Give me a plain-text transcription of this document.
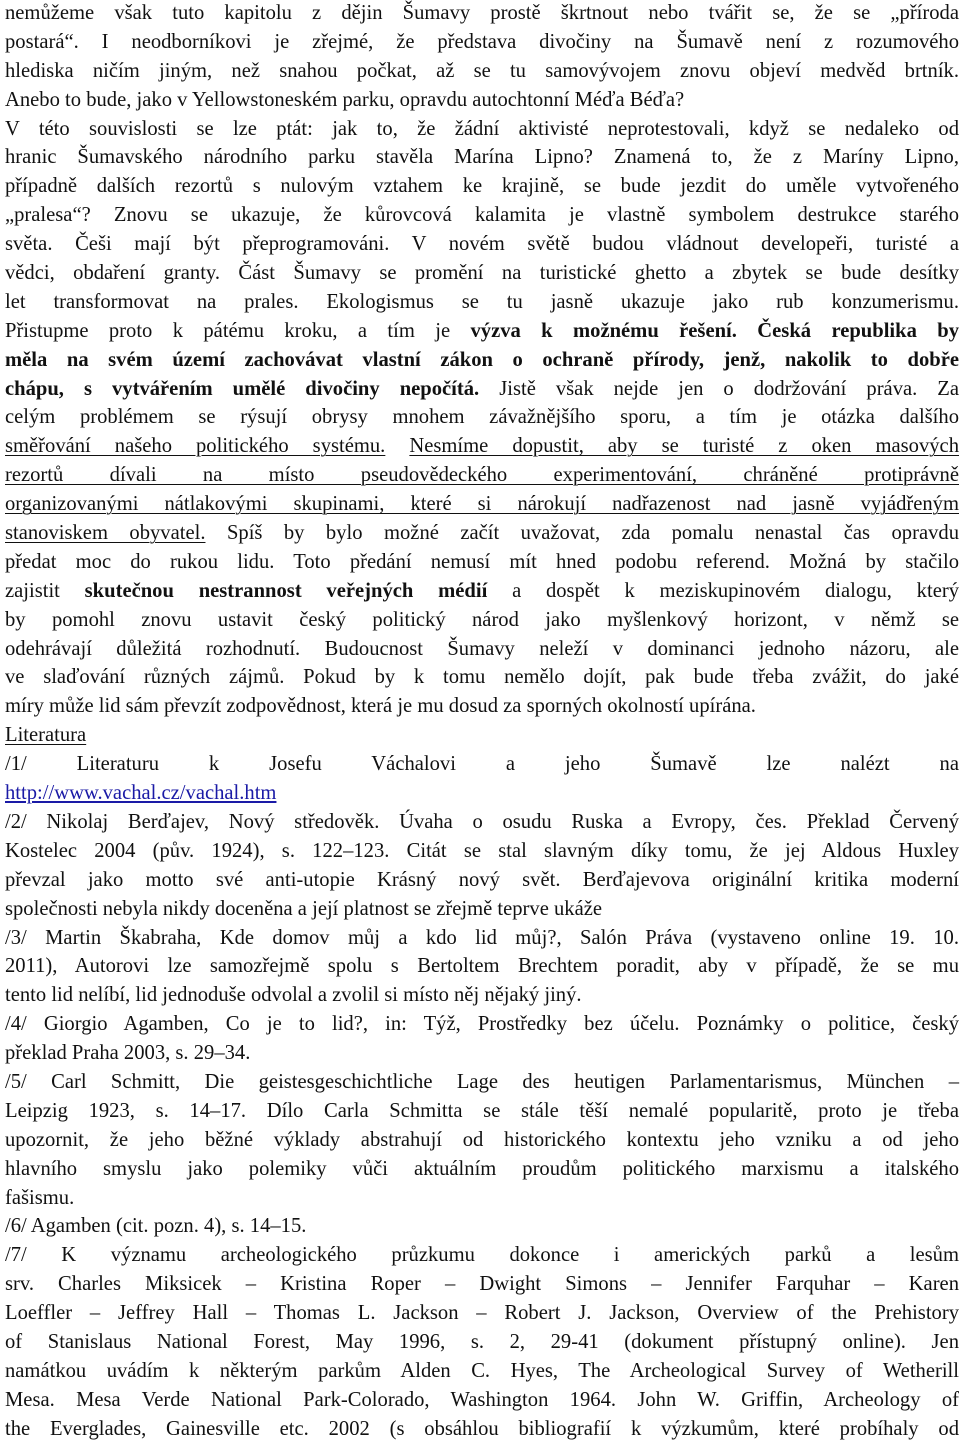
nemůžeme však tuto kapitolu z dějin Šumavy prostě škrtnout nebo tvářit se, že se „příroda
postará“. I neodborníkovi je zřejmé, že představa divočiny na Šumavě není z rozumového
hlediska ničím jiným, než snahou počkat, až se tu samovývojem znovu objeví medvěd brtník.
Anebo to bude, jako v Yellowstoneském parku, opravdu autochtonní Méďa Béďa?
V této souvislosti se lze ptát: jak to, že žádní aktivisté neprotestovali, když se nedaleko od
hranic Šumavského národního parku stavěla Marína Lipno? Znamená to, že z Maríny Lipno,
případně dalších rezortů s nulovým vztahem ke krajině, se bude jezdit do uměle vytvořeného
„pralesa“? Znovu se ukazuje, že kůrovcová kalamita je vlastně symbolem destrukce starého
světa. Češi mají být přeprogramováni. V novém světě budou vládnout developeři, turisté a
vědci, obdaření granty. Část Šumavy se promění na turistické ghetto a zbytek se bude desítky
let transformovat na prales. Ekologismus se tu jasně ukazuje jako rub konzumerismu.
Přistupme proto k pátému kroku, a tím je výzva k možnému řešení. Česká republika by
měla na svém území zachovávat vlastní zákon o ochraně přírody, jenž, nakolik to dobře
chápu, s vytvářením umělé divočiny nepočítá. Jistě však nejde jen o dodržování práva. Za
celým problémem se rýsují obrysy mnohem závažnějšího sporu, a tím je otázka dalšího
směřování našeho politického systému. Nesmíme dopustit, aby se turisté z oken masových
rezortů dívali na místo pseudovědeckého experimentování, chráněné protiprávně
organizovanými nátlakovými skupinami, které si nárokují nadřazenost nad jasně vyjádřeným
stanoviskem obyvatel. Spíš by bylo možné začít uvažovat, zda pomalu nenastal čas opravdu
předat moc do rukou lidu. Toto předání nemusí mít hned podobu referend. Možná by stačilo
zajistit skutečnou nestrannost veřejných médií a dospět k meziskupinovém dialogu, který
by pomohl znovu ustavit český politický národ jako myšlenkový horizont, v němž se
odehrávají důležitá rozhodnutí. Budoucnost Šumavy neleží v dominanci jednoho názoru, ale
ve slaďování různých zájmů. Pokud by k tomu nemělo dojít, pak bude třeba zvážit, do jaké
míry může lid sám převzít zodpovědnost, která je mu dosud za sporných okolností upírána.
Literatura
/1/ Literaturu k Josefu Váchalovi a jeho Šumavě lze nalézt na
http://www.vachal.cz/vachal.htm
/2/ Nikolaj Berďajev, Nový středověk. Úvaha o osudu Ruska a Evropy, čes. Překlad Červený
Kostelec 2004 (pův. 1924), s. 122–123. Citát se stal slavným díky tomu, že jej Aldous Huxley
převzal jako motto své anti-utopie Krásný nový svět. Berďajevova originální kritika moderní
společnosti nebyla nikdy doceněna a její platnost se zřejmě teprve ukáže
/3/ Martin Škabraha, Kde domov můj a kdo lid můj?, Salón Práva (vystaveno online 19. 10.
2011), Autorovi lze samozřejmě spolu s Bertoltem Brechtem poradit, aby v případě, že se mu
tento lid nelíbí, lid jednoduše odvolal a zvolil si místo něj nějaký jiný.
/4/ Giorgio Agamben, Co je to lid?, in: Týž, Prostředky bez účelu. Poznámky o politice, český
překlad Praha 2003, s. 29–34.
/5/ Carl Schmitt, Die geistesgeschichtliche Lage des heutigen Parlamentarismus, München –
Leipzig 1923, s. 14–17. Dílo Carla Schmitta se stále těší nemalé popularitě, proto je třeba
upozornit, že jeho běžné výklady abstrahují od historického kontextu jeho vzniku a od jeho
hlavního smyslu jako polemiky vůči aktuálním proudům politického marxismu a italského
fašismu.
/6/ Agamben (cit. pozn. 4), s. 14–15.
/7/ K významu archeologického průzkumu dokonce i amerických parků a lesům
srv. Charles Miksicek – Kristina Roper – Dwight Simons – Jennifer Farquhar – Karen
Loeffler – Jeffrey Hall – Thomas L. Jackson – Robert J. Jackson, Overview of the Prehistory
of Stanislaus National Forest, May 1996, s. 2, 29-41 (dokument přístupný online). Jen
namátkou uvádím k některým parkům Alden C. Hyes, The Archeological Survey of Wetherill
Mesa. Mesa Verde National Park-Colorado, Washington 1964. John W. Griffin, Archeology of
the Everglades, Gainesville etc. 2002 (s obsáhlou bibliografií k výzkumům, které probíhaly od
